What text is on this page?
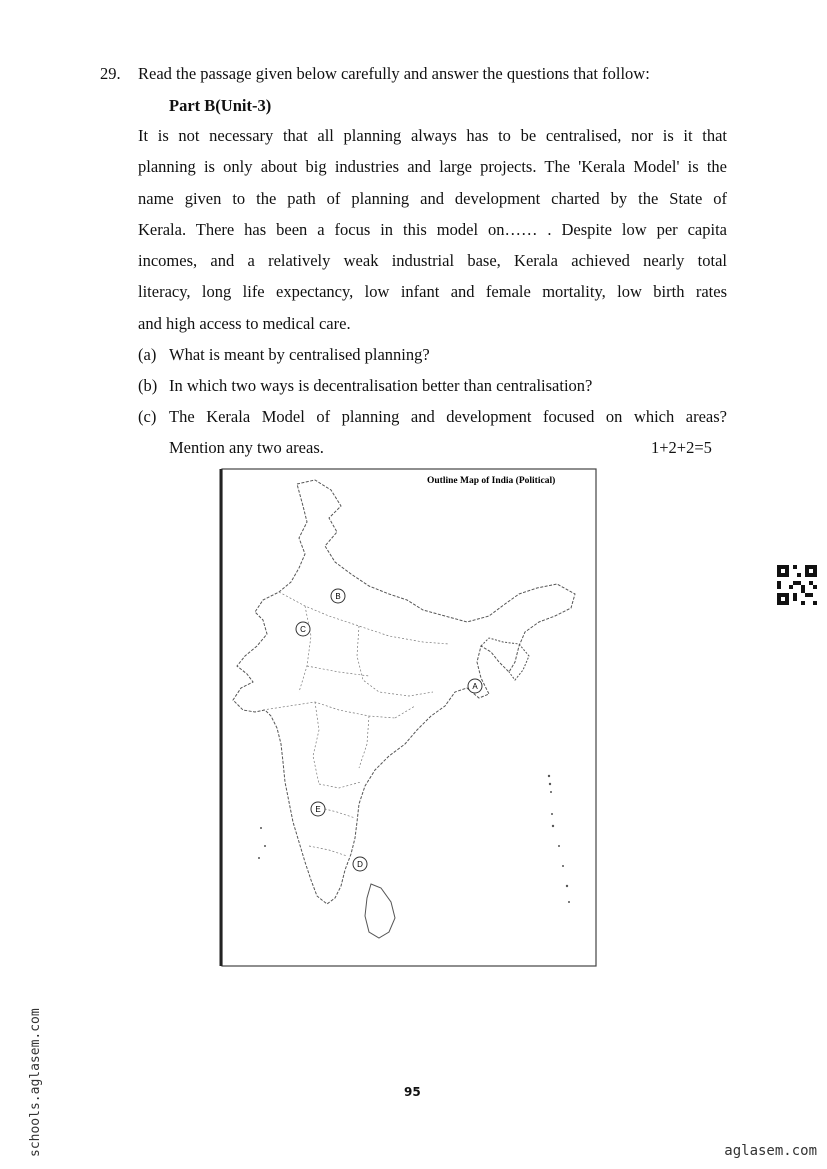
29. Read the passage given below carefully and answer the questions that follow:
Part B(Unit-3)
It is not necessary that all planning always has to be centralised, nor is it that
planning is only about big industries and large projects. The 'Kerala Model' is the
name given to the path of planning and development charted by the State of
Kerala. There has been a focus in this model on…… . Despite low per capita
incomes, and a relatively weak industrial base, Kerala achieved nearly total
literacy, long life expectancy, low infant and female mortality, low birth rates
and high access to medical care.
(a) What is meant by centralised planning?
(b) In which two ways is decentralisation better than centralisation?
(c) The Kerala Model of planning and development focused on which areas?
Mention any two areas.	1+2+2=5
Outline Map of India (Political)
A
B
C
D
E
95
schools.aglasem.com	aglasem.com
